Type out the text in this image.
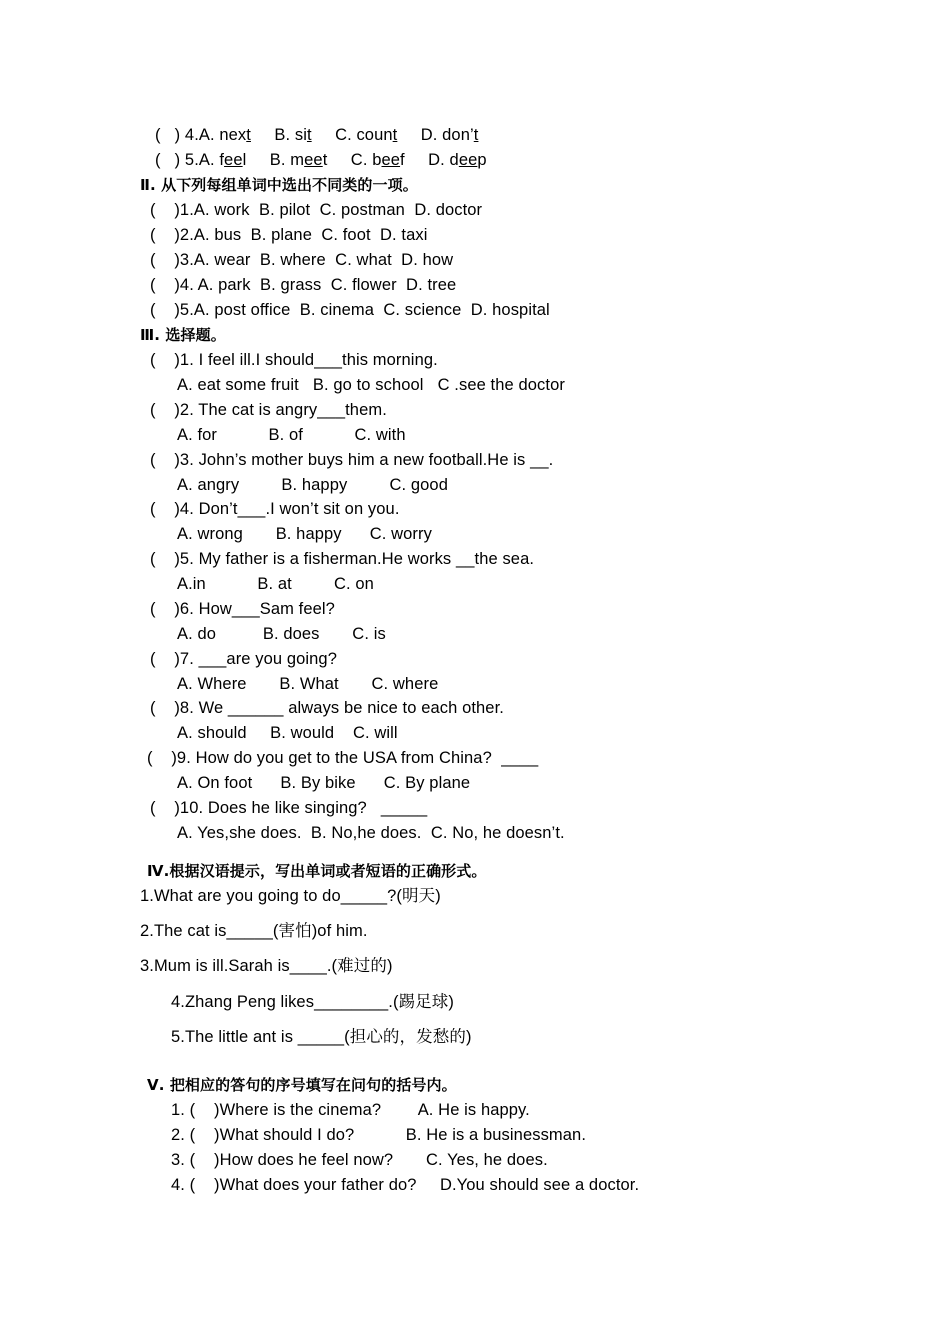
(   ) 4.A. next     B. sit     C. count     D. don’t
(   ) 5.A. feel     B. meet     C. beef     D. deep
Ⅱ. 从下列每组单词中选出不同类的一项。
(    )1.A. work  B. pilot  C. postman  D. doctor
(    )2.A. bus  B. plane  C. foot  D. taxi
(    )3.A. wear  B. where  C. what  D. how
(    )4. A. park  B. grass  C. flower  D. tree
(    )5.A. post office  B. cinema  C. science  D. hospital
Ⅲ. 选择题。
(    )1. I feel ill.I should___this morning.
A. eat some fruit   B. go to school   C .see the doctor
(    )2. The cat is angry___them.
A. for           B. of           C. with
(    )3. John’s mother buys him a new football.He is __.
A. angry         B. happy         C. good
(    )4. Don’t___.I won’t sit on you.
A. wrong       B. happy      C. worry
(    )5. My father is a fisherman.He works __the sea.
A.in           B. at         C. on
(    )6. How___Sam feel?
A. do          B. does       C. is
(    )7. ___are you going?
A. Where       B. What       C. where
(    )8. We ______ always be nice to each other.
A. should     B. would    C. will
(    )9. How do you get to the USA from China?  ____
A. On foot      B. By bike      C. By plane
(    )10. Does he like singing?   _____
A. Yes,she does.  B. No,he does.  C. No, he doesn’t.
Ⅳ.根据汉语提示，写出单词或者短语的正确形式。
1.What are you going to do_____?(明天)
2.The cat is_____(害怕)of him.
3.Mum is ill.Sarah is____.(难过的)
4.Zhang Peng likes________.(踢足球)
5.The little ant is _____(担心的，发愁的)
Ⅴ. 把相应的答句的序号填写在问句的括号内。
1. (    )Where is the cinema?        A. He is happy.
2. (    )What should I do?           B. He is a businessman.
3. (    )How does he feel now?       C. Yes, he does.
4. (    )What does your father do?     D.You should see a doctor.
